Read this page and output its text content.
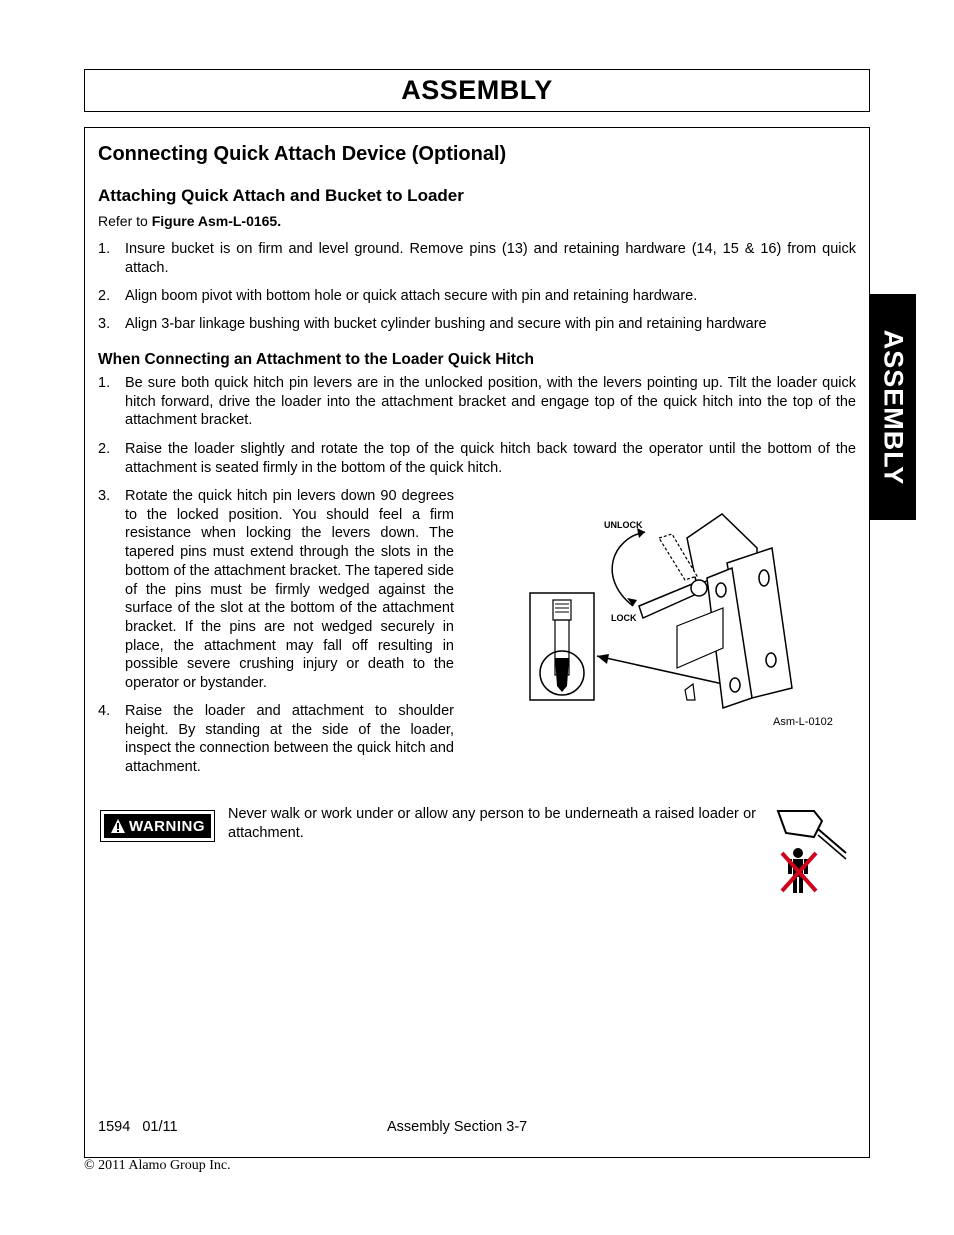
ASSEMBLY
ASSEMBLY
Connecting Quick Attach Device (Optional)
Attaching Quick Attach and Bucket to Loader
Refer to Figure Asm-L-0165.
1. Insure bucket is on firm and level ground. Remove pins (13) and retaining hardware (14, 15 & 16) from quick attach.
2. Align boom pivot with bottom hole or quick attach secure with pin and retaining hardware.
3. Align 3-bar linkage bushing with bucket cylinder bushing and secure with pin and retaining hardware
When Connecting an Attachment to the Loader Quick Hitch
1. Be sure both quick hitch pin levers are in the unlocked position, with the levers pointing up. Tilt the loader quick hitch forward, drive the loader into the attachment bracket and engage top of the quick hitch into the top of the attachment bracket.
2. Raise the loader slightly and rotate the top of the quick hitch back toward the operator until the bottom of the attachment is seated firmly in the bottom of the quick hitch.
3. Rotate the quick hitch pin levers down 90 degrees to the locked position. You should feel a firm resistance when locking the levers down. The tapered pins must extend through the slots in the bottom of the attachment bracket. The tapered side of the pins must be firmly wedged against the surface of the slot at the bottom of the attachment bracket. If the pins are not wedged securely in place, the attachment may fall off resulting in possible severe crushing injury or death to the operator or bystander.
4. Raise the loader and attachment to shoulder height. By standing at the side of the loader, inspect the connection between the quick hitch and attachment.
UNLOCK
LOCK
Asm-L-0102
WARNING
Never walk or work under or allow any person to be underneath a raised loader or attachment.
1594   01/11	Assembly Section 3-7
© 2011 Alamo Group Inc.
